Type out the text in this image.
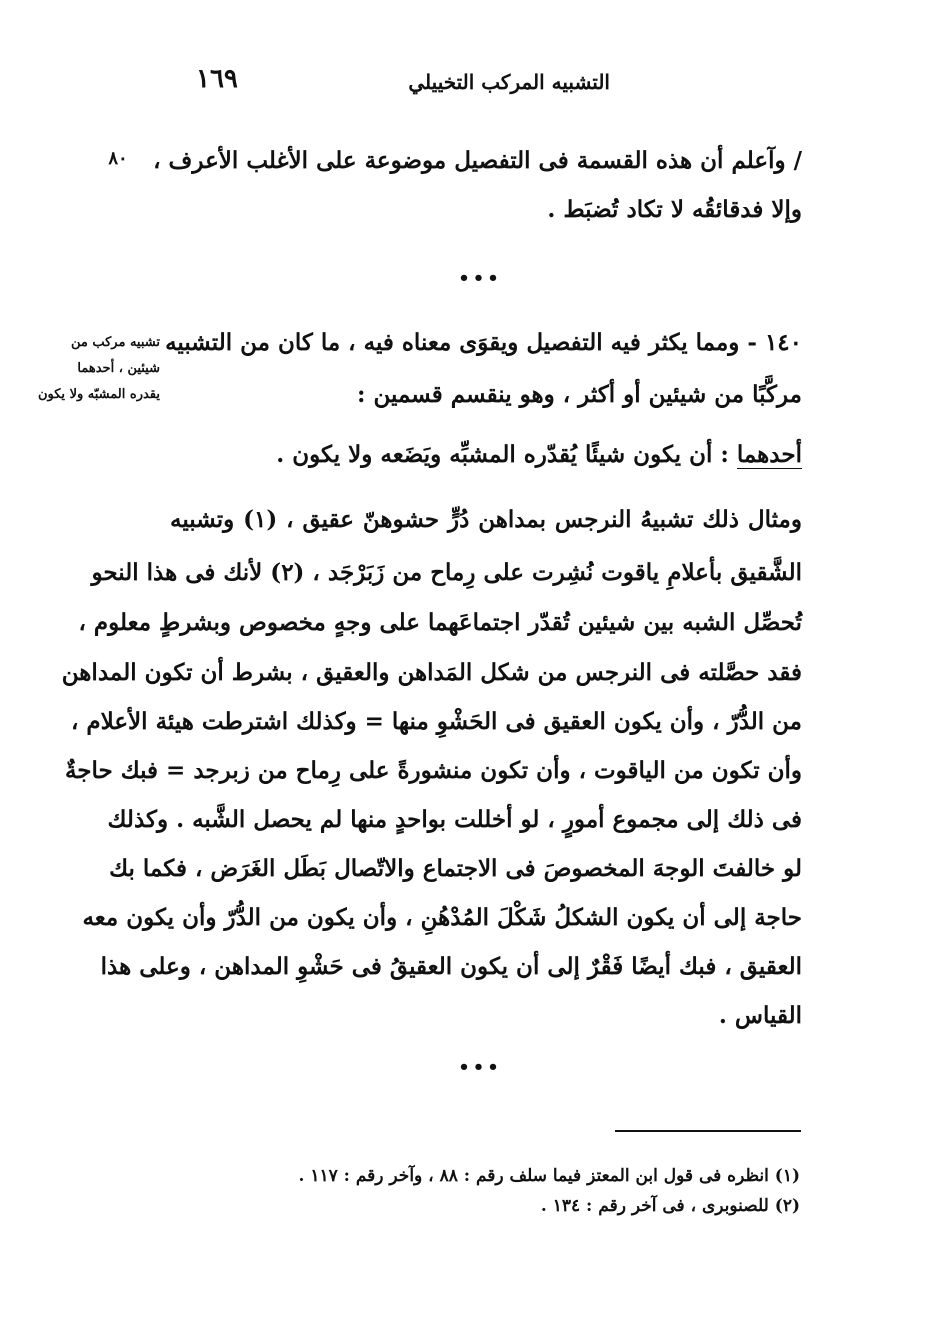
١٦٩	التشبيه المركب التخييلي
٨٠	/ وآعلم أن هذه القسمة فى التفصيل موضوعة على الأغلب الأعرف ،
وإلا فدقائقُه لا تكاد تُضبَط .
•••
تشبيه مركب من
شيئين ، أحدهما
يقدره المشبّه ولا يكون
١٤٠ - ومما يكثر فيه التفصيل ويقوَى معناه فيه ، ما كان من التشبيه
مركَّبًا من شيئين أو أكثر ، وهو ينقسم قسمين :
أحدهما : أن يكون شيئًا يُقدّره المشبِّه ويَضَعه ولا يكون .
ومثال ذلك تشبيهُ النرجس بمداهن دُرٍّ حشوهنّ عقيق ، (١) وتشبيه
الشَّقيق بأعلامِ ياقوت نُشِرت على رِماح من زَبَرْجَد ، (٢) لأنك فى هذا النحو
تُحصِّل الشبه بين شيئين تُقدّر اجتماعَهما على وجهٍ مخصوص وبشرطٍ معلوم ،
فقد حصَّلته فى النرجس من شكل المَداهن والعقيق ، بشرط أن تكون المداهن
من الدُّرّ ، وأن يكون العقيق فى الحَشْوِ منها = وكذلك اشترطت هيئة الأعلام ،
وأن تكون من الياقوت ، وأن تكون منشورةً على رِماح من زبرجد = فبك حاجةٌ
فى ذلك إلى مجموع أمورٍ ، لو أخللت بواحدٍ منها لم يحصل الشَّبه . وكذلك
لو خالفتَ الوجهَ المخصوصَ فى الاجتماع والاتّصال بَطَل الغَرَض ، فكما بك
حاجة إلى أن يكون الشكلُ شَكْلَ المُدْهُنِ ، وأن يكون من الدُّرّ وأن يكون معه
العقيق ، فبك أيضًا فَقْرٌ إلى أن يكون العقيقُ فى حَشْوِ المداهن ، وعلى هذا
القياس .
•••
(١) انظره فى قول ابن المعتز فيما سلف رقم : ٨٨ ، وآخر رقم : ١١٧ .
(٢) للصنوبرى ، فى آخر رقم : ١٣٤ .
